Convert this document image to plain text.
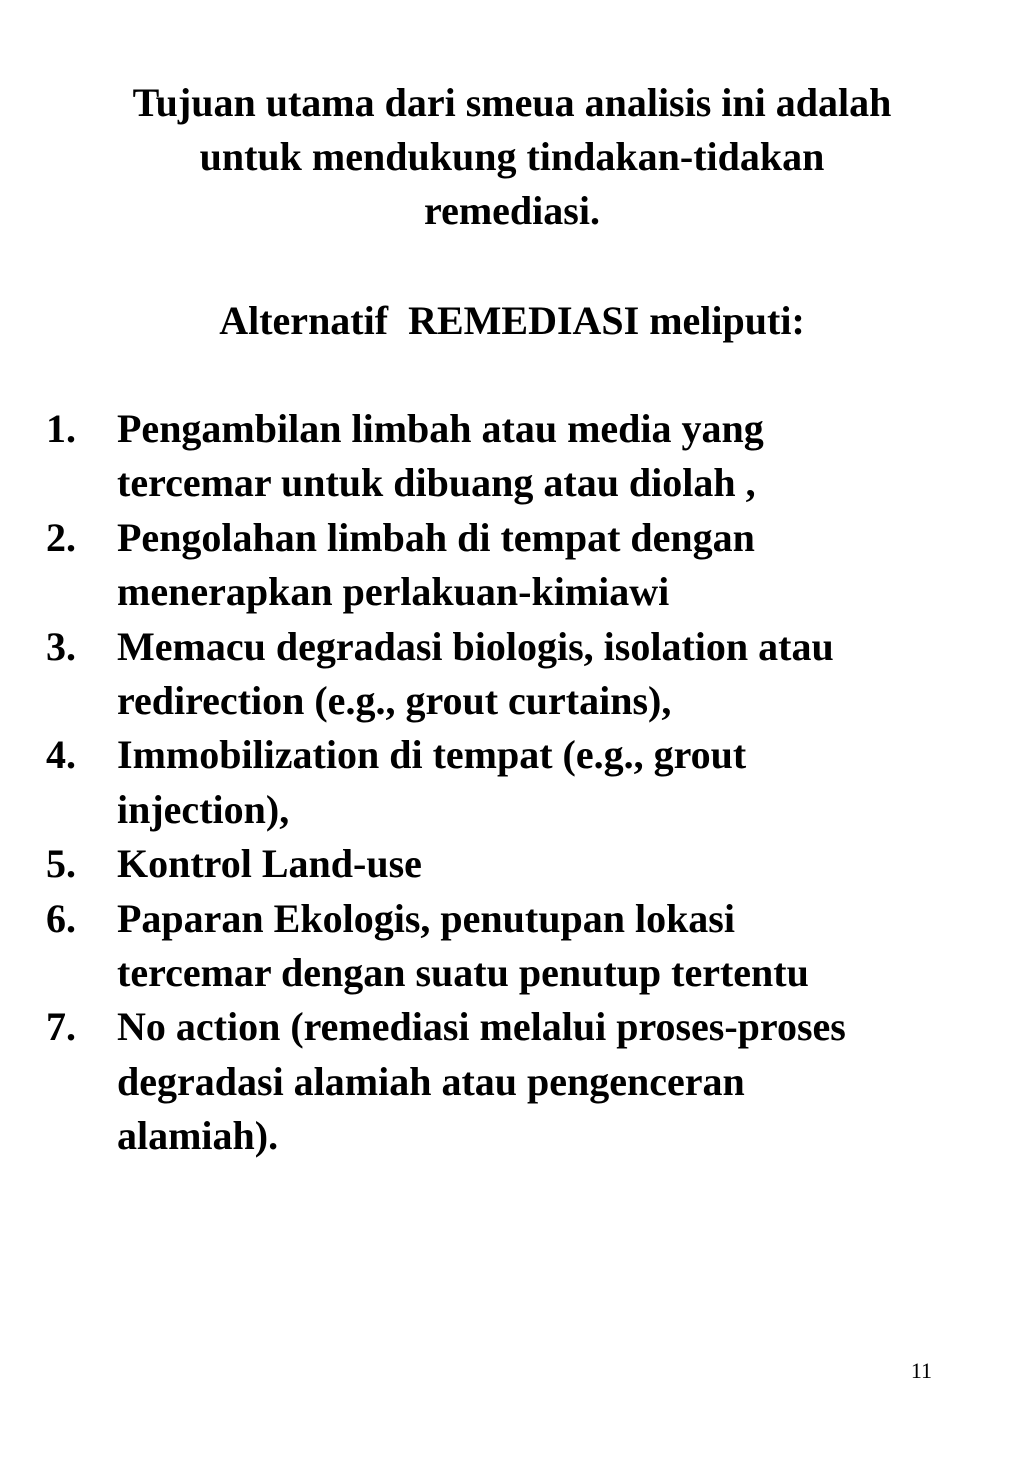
Tujuan utama dari smeua analisis ini adalah
untuk mendukung tindakan-tidakan
remediasi.
Alternatif  REMEDIASI meliputi:
1. Pengambilan limbah atau media yang
tercemar untuk dibuang atau diolah ,
2. Pengolahan limbah di tempat dengan
menerapkan perlakuan-kimiawi
3. Memacu degradasi biologis, isolation atau
redirection (e.g., grout curtains),
4. Immobilization di tempat (e.g., grout
injection),
5. Kontrol Land-use
6. Paparan Ekologis, penutupan lokasi
tercemar dengan suatu penutup tertentu
7. No action (remediasi melalui proses-proses
degradasi alamiah atau pengenceran
alamiah).
11
